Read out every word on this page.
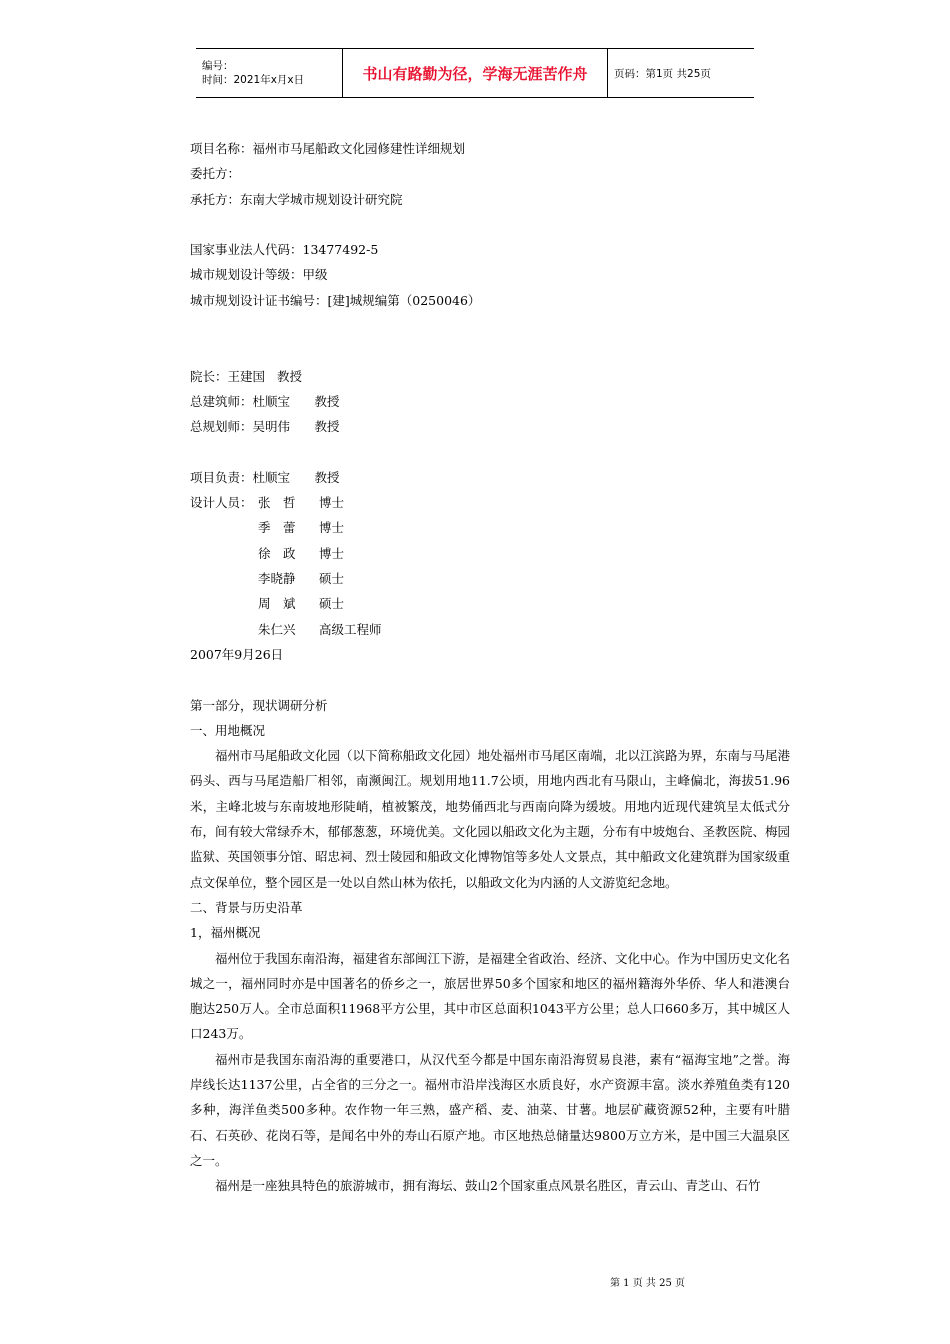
编号：
时间：2021年x月x日	书山有路勤为径，学海无涯苦作舟	页码：第1页 共25页
项目名称：福州市马尾船政文化园修建性详细规划
委托方：
承托方：东南大学城市规划设计研究院
国家事业法人代码：13477492-5
城市规划设计等级：甲级
城市规划设计证书编号：[建]城规编第（0250046）
院长：王建国 教授
总建筑师：杜顺宝 教授
总规划师：吴明伟 教授
项目负责：杜顺宝 教授
设计人员： 张　哲 博士
季　蕾 博士
徐　政 博士
李晓静 硕士
周　斌 硕士
朱仁兴 高级工程师
2007年9月26日
第一部分，现状调研分析
一、用地概况
福州市马尾船政文化园（以下简称船政文化园）地处福州市马尾区南端，北以江滨路为界，东南与马尾港码头、西与马尾造船厂相邻，南濒闽江。规划用地11.7公顷，用地内西北有马限山，主峰偏北，海拔51.96米，主峰北坡与东南坡地形陡峭，植被繁茂，地势俑西北与西南向降为缓坡。用地内近现代建筑呈太低式分布，间有较大常绿乔木，郁郁葱葱，环境优美。文化园以船政文化为主题，分布有中坡炮台、圣教医院、梅园监狱、英国领事分馆、昭忠祠、烈士陵园和船政文化博物馆等多处人文景点，其中船政文化建筑群为国家级重点文保单位，整个园区是一处以自然山林为依托，以船政文化为内涵的人文游览纪念地。
二、背景与历史沿革
1，福州概况
福州位于我国东南沿海，福建省东部闽江下游，是福建全省政治、经济、文化中心。作为中国历史文化名城之一，福州同时亦是中国著名的侨乡之一，旅居世界50多个国家和地区的福州籍海外华侨、华人和港澳台胞达250万人。全市总面积11968平方公里，其中市区总面积1043平方公里；总人口660多万，其中城区人口243万。
福州市是我国东南沿海的重要港口，从汉代至今都是中国东南沿海贸易良港，素有“福海宝地”之誉。海岸线长达1137公里，占全省的三分之一。福州市沿岸浅海区水质良好，水产资源丰富。淡水养殖鱼类有120多种，海洋鱼类500多种。农作物一年三熟，盛产稻、麦、油菜、甘薯。地层矿藏资源52种，主要有叶腊石、石英砂、花岗石等，是闻名中外的寿山石原产地。市区地热总储量达9800万立方米，是中国三大温泉区之一。
福州是一座独具特色的旅游城市，拥有海坛、鼓山2个国家重点风景名胜区，青云山、青芝山、石竹
第 1 页 共 25 页
